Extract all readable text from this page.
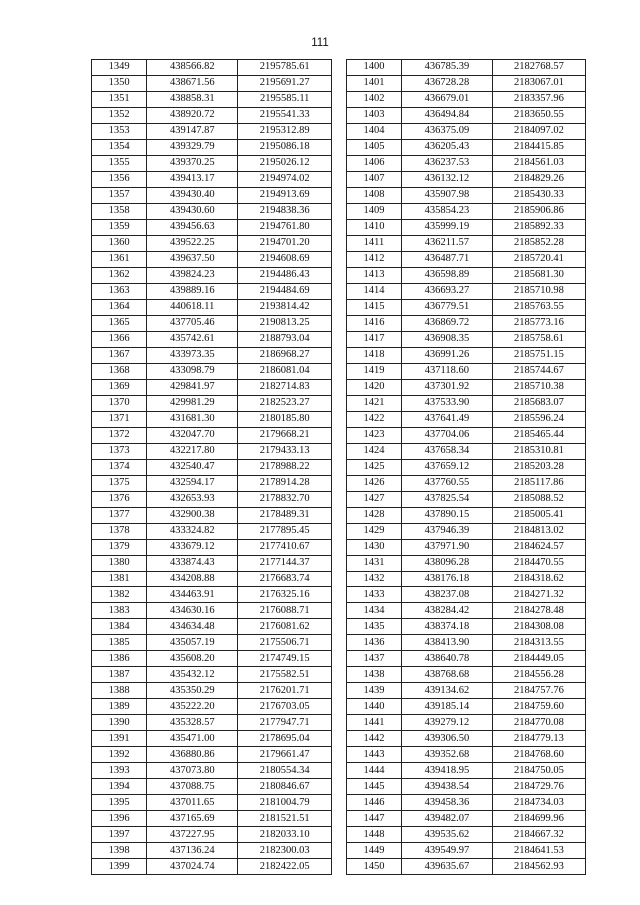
111
1349	438566.82	2195785.61
1350	438671.56	2195691.27
1351	438858.31	2195585.11
1352	438920.72	2195541.33
1353	439147.87	2195312.89
1354	439329.79	2195086.18
1355	439370.25	2195026.12
1356	439413.17	2194974.02
1357	439430.40	2194913.69
1358	439430.60	2194838.36
1359	439456.63	2194761.80
1360	439522.25	2194701.20
1361	439637.50	2194608.69
1362	439824.23	2194486.43
1363	439889.16	2194484.69
1364	440618.11	2193814.42
1365	437705.46	2190813.25
1366	435742.61	2188793.04
1367	433973.35	2186968.27
1368	433098.79	2186081.04
1369	429841.97	2182714.83
1370	429981.29	2182523.27
1371	431681.30	2180185.80
1372	432047.70	2179668.21
1373	432217.80	2179433.13
1374	432540.47	2178988.22
1375	432594.17	2178914.28
1376	432653.93	2178832.70
1377	432900.38	2178489.31
1378	433324.82	2177895.45
1379	433679.12	2177410.67
1380	433874.43	2177144.37
1381	434208.88	2176683.74
1382	434463.91	2176325.16
1383	434630.16	2176088.71
1384	434634.48	2176081.62
1385	435057.19	2175506.71
1386	435608.20	2174749.15
1387	435432.12	2175582.51
1388	435350.29	2176201.71
1389	435222.20	2176703.05
1390	435328.57	2177947.71
1391	435471.00	2178695.04
1392	436880.86	2179661.47
1393	437073.80	2180554.34
1394	437088.75	2180846.67
1395	437011.65	2181004.79
1396	437165.69	2181521.51
1397	437227.95	2182033.10
1398	437136.24	2182300.03
1399	437024.74	2182422.05
1400	436785.39	2182768.57
1401	436728.28	2183067.01
1402	436679.01	2183357.96
1403	436494.84	2183650.55
1404	436375.09	2184097.02
1405	436205.43	2184415.85
1406	436237.53	2184561.03
1407	436132.12	2184829.26
1408	435907.98	2185430.33
1409	435854.23	2185906.86
1410	435999.19	2185892.33
1411	436211.57	2185852.28
1412	436487.71	2185720.41
1413	436598.89	2185681.30
1414	436693.27	2185710.98
1415	436779.51	2185763.55
1416	436869.72	2185773.16
1417	436908.35	2185758.61
1418	436991.26	2185751.15
1419	437118.60	2185744.67
1420	437301.92	2185710.38
1421	437533.90	2185683.07
1422	437641.49	2185596.24
1423	437704.06	2185465.44
1424	437658.34	2185310.81
1425	437659.12	2185203.28
1426	437760.55	2185117.86
1427	437825.54	2185088.52
1428	437890.15	2185005.41
1429	437946.39	2184813.02
1430	437971.90	2184624.57
1431	438096.28	2184470.55
1432	438176.18	2184318.62
1433	438237.08	2184271.32
1434	438284.42	2184278.48
1435	438374.18	2184308.08
1436	438413.90	2184313.55
1437	438640.78	2184449.05
1438	438768.68	2184556.28
1439	439134.62	2184757.76
1440	439185.14	2184759.60
1441	439279.12	2184770.08
1442	439306.50	2184779.13
1443	439352.68	2184768.60
1444	439418.95	2184750.05
1445	439438.54	2184729.76
1446	439458.36	2184734.03
1447	439482.07	2184699.96
1448	439535.62	2184667.32
1449	439549.97	2184641.53
1450	439635.67	2184562.93
